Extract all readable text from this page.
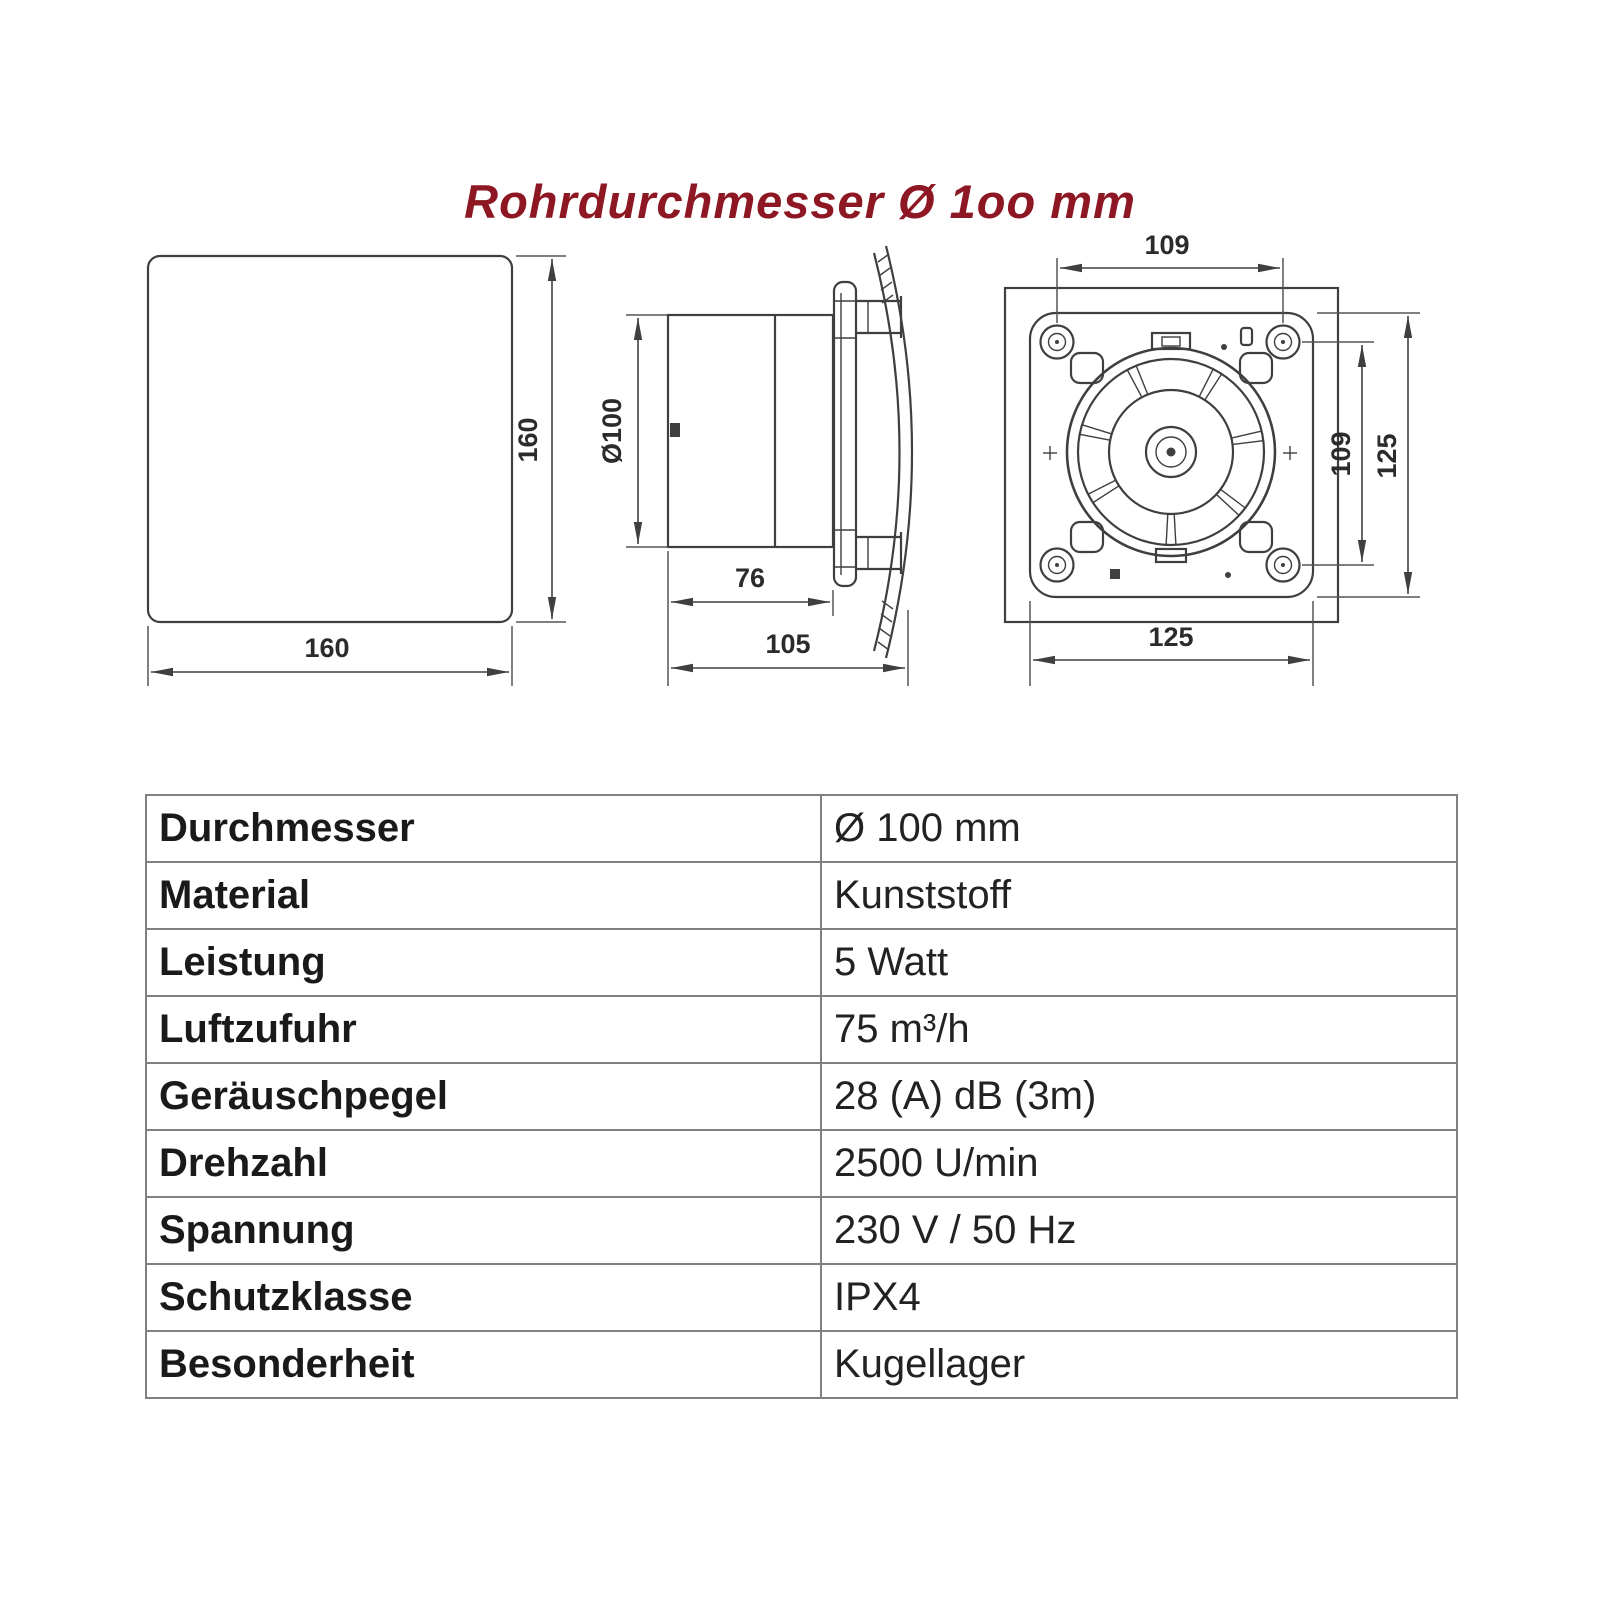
Rohrdurchmesser Ø 1oo mm
160
160
Ø100
76
105
109
125
109 125
Durchmesser	Ø 100 mm
Material	Kunststoff
Leistung	5 Watt
Luftzufuhr	75 m³/h
Geräuschpegel	28 (A) dB (3m)
Drehzahl	2500 U/min
Spannung	230 V / 50 Hz
Schutzklasse	IPX4
Besonderheit	Kugellager
